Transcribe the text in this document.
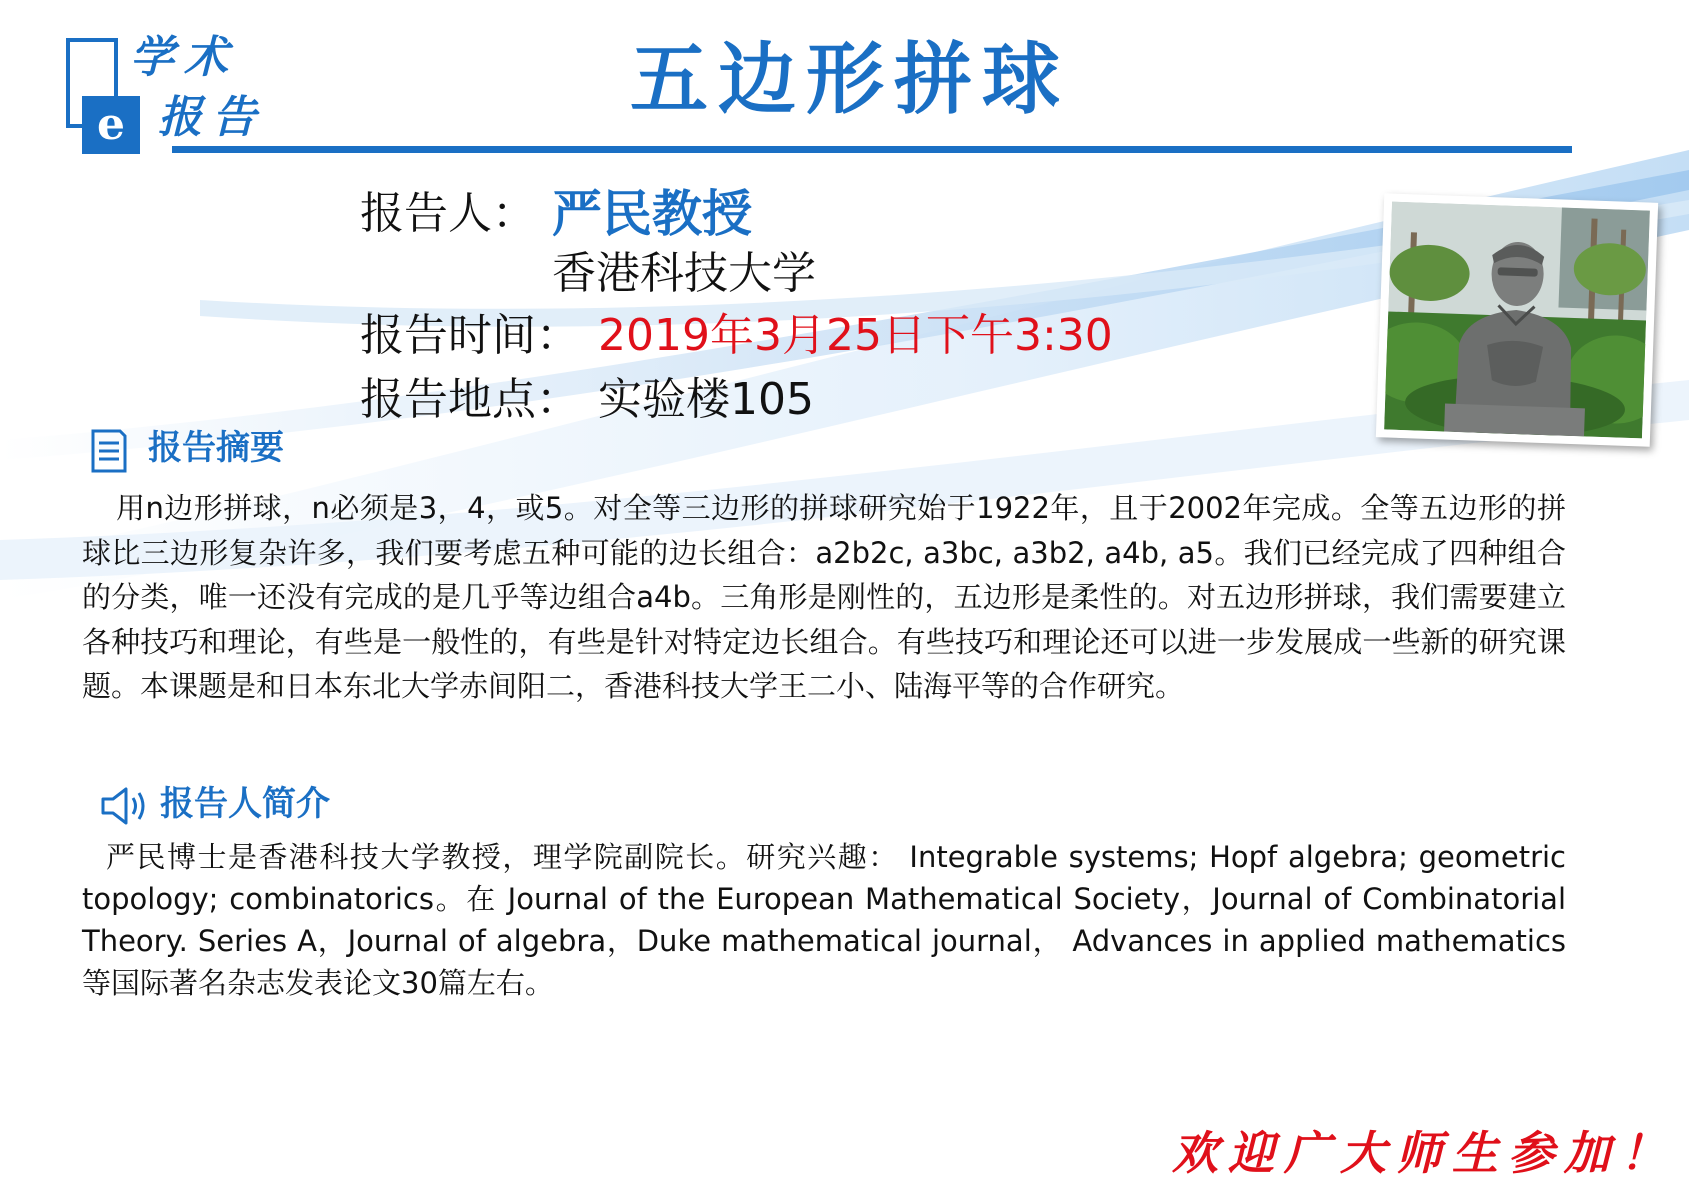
e
学术
报告	五边形拼球
报告人： 严民教授
香港科技大学
报告时间： 2019年3月25日下午3:30
报告地点： 实验楼105
报告摘要
用n边形拼球，n必须是3，4，或5。对全等三边形的拼球研究始于1922年，且于2002年完成。全等五边形的拼球比三边形复杂许多，我们要考虑五种可能的边长组合：a2b2c, a3bc, a3b2, a4b, a5。我们已经完成了四种组合的分类，唯一还没有完成的是几乎等边组合a4b。三角形是刚性的，五边形是柔性的。对五边形拼球，我们需要建立各种技巧和理论，有些是一般性的，有些是针对特定边长组合。有些技巧和理论还可以进一步发展成一些新的研究课题。本课题是和日本东北大学赤间阳二，香港科技大学王二小、陆海平等的合作研究。
报告人简介
严民博士是香港科技大学教授，理学院副院长。研究兴趣： Integrable systems; Hopf algebra; geometric topology; combinatorics。在 Journal of the European Mathematical Society，Journal of Combinatorial Theory. Series A，Journal of algebra，Duke mathematical journal， Advances in applied mathematics等国际著名杂志发表论文30篇左右。
欢迎广大师生参加！
